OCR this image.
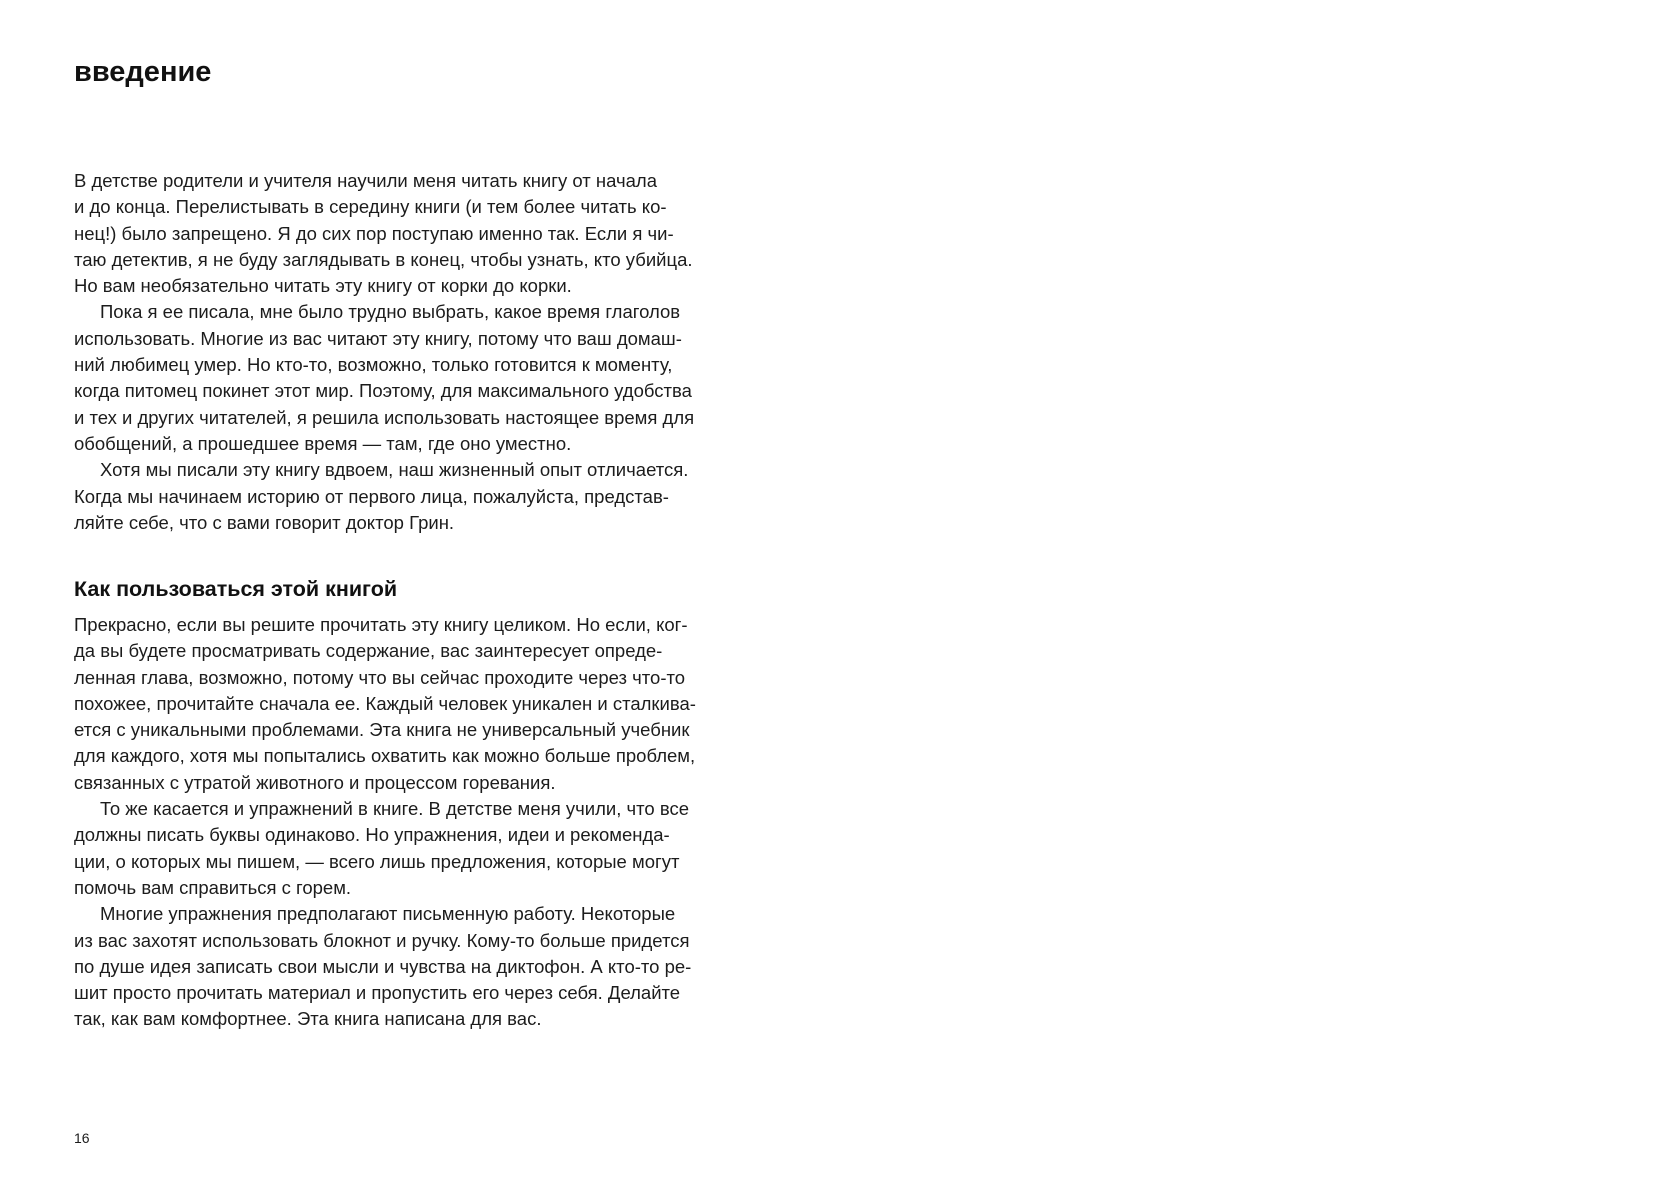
введение
В детстве родители и учителя научили меня читать книгу от начала
и до конца. Перелистывать в середину книги (и тем более читать ко-
нец!) было запрещено. Я до сих пор поступаю именно так. Если я чи-
таю детектив, я не буду заглядывать в конец, чтобы узнать, кто убийца.
Но вам необязательно читать эту книгу от корки до корки.
Пока я ее писала, мне было трудно выбрать, какое время глаголов
использовать. Многие из вас читают эту книгу, потому что ваш домаш-
ний любимец умер. Но кто-то, возможно, только готовится к моменту,
когда питомец покинет этот мир. Поэтому, для максимального удобства
и тех и других читателей, я решила использовать настоящее время для
обобщений, а прошедшее время — там, где оно уместно.
Хотя мы писали эту книгу вдвоем, наш жизненный опыт отличается.
Когда мы начинаем историю от первого лица, пожалуйста, представ-
ляйте себе, что с вами говорит доктор Грин.
Как пользоваться этой книгой
Прекрасно, если вы решите прочитать эту книгу целиком. Но если, ког-
да вы будете просматривать содержание, вас заинтересует опреде-
ленная глава, возможно, потому что вы сейчас проходите через что-то
похожее, прочитайте сначала ее. Каждый человек уникален и сталкива-
ется с уникальными проблемами. Эта книга не универсальный учебник
для каждого, хотя мы попытались охватить как можно больше проблем,
связанных с утратой животного и процессом горевания.
То же касается и упражнений в книге. В детстве меня учили, что все
должны писать буквы одинаково. Но упражнения, идеи и рекоменда-
ции, о которых мы пишем, — всего лишь предложения, которые могут
помочь вам справиться с горем.
Многие упражнения предполагают письменную работу. Некоторые
из вас захотят использовать блокнот и ручку. Кому-то больше придется
по душе идея записать свои мысли и чувства на диктофон. А кто-то ре-
шит просто прочитать материал и пропустить его через себя. Делайте
так, как вам комфортнее. Эта книга написана для вас.
16
